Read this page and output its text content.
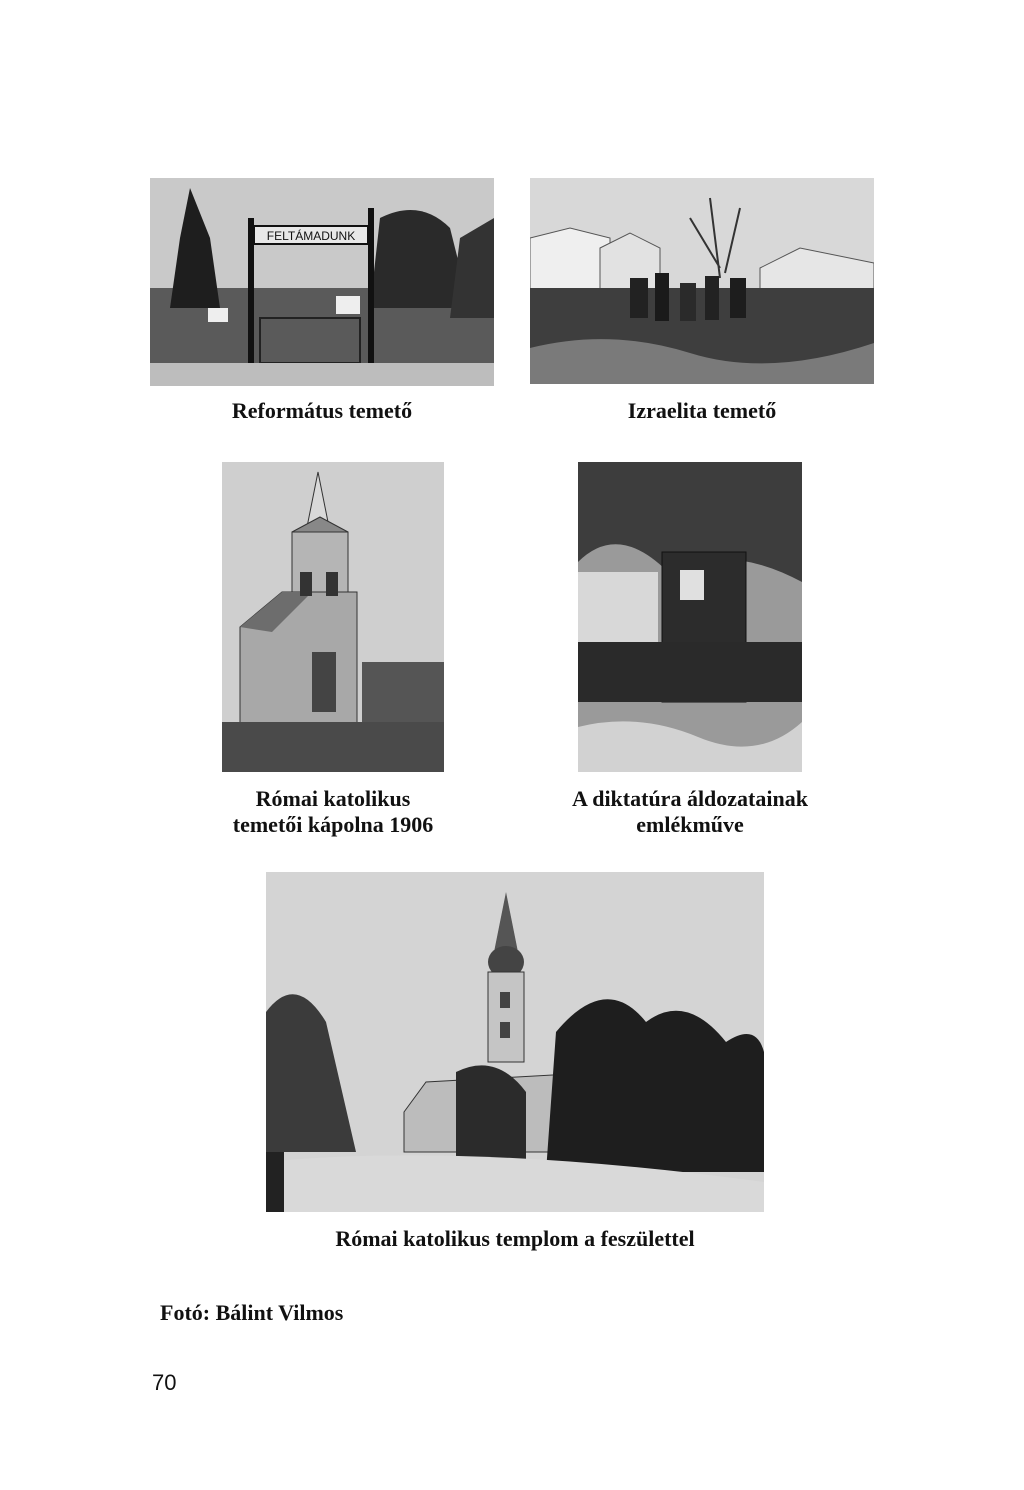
FELTÁMADUNK
Református temető	Izraelita temető
Római katolikus
temetői kápolna 1906
A diktatúra áldozatainak
emlékműve
Római katolikus templom a feszülettel
Fotó: Bálint Vilmos
70
